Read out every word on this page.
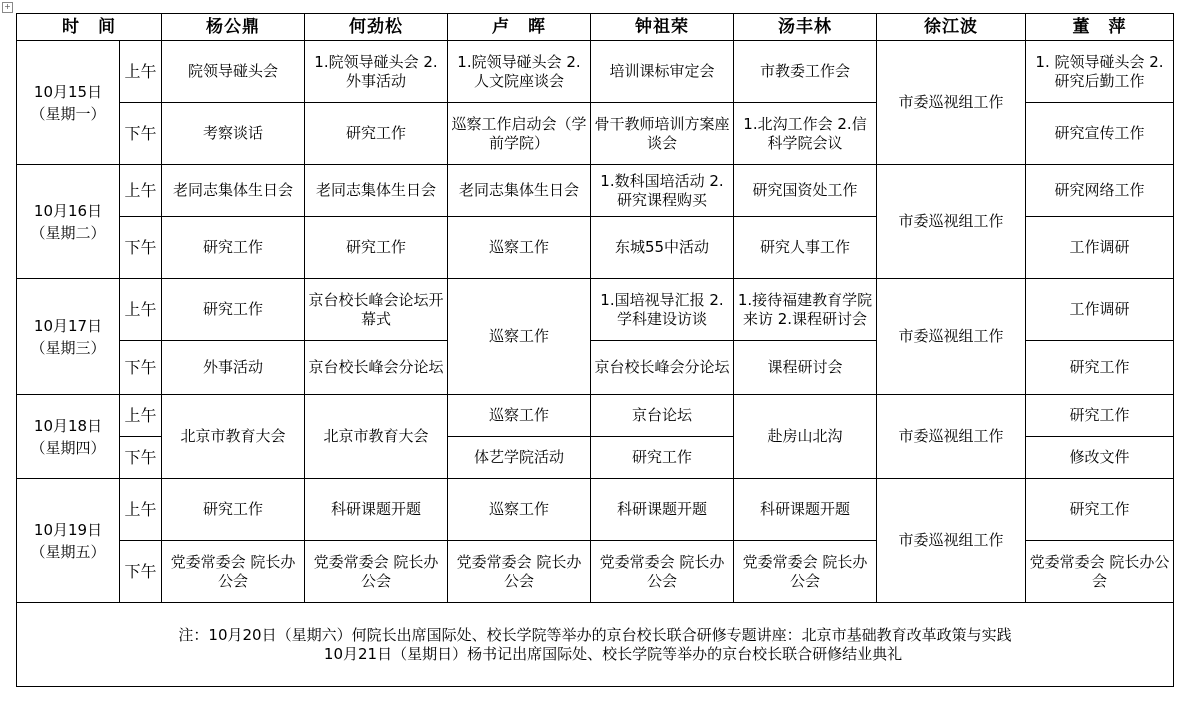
+
时　间		杨公鼎	何劲松	卢　晖	钟祖荣	汤丰林	徐江波	董　萍

10月15日
（星期一）	上午	院领导碰头会	1.院领导碰头会 2.外事活动	1.院领导碰头会 2.人文院座谈会	培训课标审定会	市教委工作会	市委巡视组工作	1. 院领导碰头会 2. 研究后勤工作
	下午	考察谈话	研究工作	巡察工作启动会（学前学院）	骨干教师培训方案座谈会	1.北沟工作会 2.信科学院会议		研究宣传工作

10月16日
（星期二）	上午	老同志集体生日会	老同志集体生日会	老同志集体生日会	1.数科国培活动 2.研究课程购买	研究国资处工作	市委巡视组工作	研究网络工作
	下午	研究工作	研究工作	巡察工作	东城55中活动	研究人事工作		工作调研

10月17日
（星期三）	上午	研究工作	京台校长峰会论坛开幕式	巡察工作	1.国培视导汇报 2.学科建设访谈	1.接待福建教育学院来访 2.课程研讨会	市委巡视组工作	工作调研
	下午	外事活动	京台校长峰会分论坛		京台校长峰会分论坛	课程研讨会		研究工作

10月18日
（星期四）	上午	北京市教育大会	北京市教育大会	巡察工作	京台论坛	赴房山北沟	市委巡视组工作	研究工作
	下午			体艺学院活动	研究工作			修改文件

10月19日
（星期五）	上午	研究工作	科研课题开题	巡察工作	科研课题开题	科研课题开题	市委巡视组工作	研究工作
	下午	党委常委会 院长办公会	党委常委会 院长办公会	党委常委会 院长办公会	党委常委会 院长办公会	党委常委会 院长办公会		党委常委会 院长办公会

注：10月20日（星期六）何院长出席国际处、校长学院等举办的京台校长联合研修专题讲座：北京市基础教育改革政策与实践
10月21日（星期日）杨书记出席国际处、校长学院等举办的京台校长联合研修结业典礼								
